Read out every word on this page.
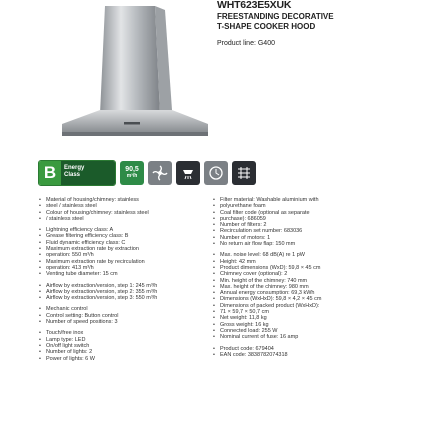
WHT623E5XUK
FREESTANDING DECORATIVE
T-SHAPE COOKER HOOD
Product line: G400
B	Energy
Class
90,5
m³/h
• Material of housing/chimney: stainless
• steel / stainless steel
• Colour of housing/chimney: stainless steel
• / stainless steel
• Lightning efficiency class: A
• Grease filtering efficiency class: B
• Fluid dynamic efficiency class: C
• Maximum extraction rate by extraction
• operation: 550 m³/h
• Maximum extraction rate by recirculation
• operation: 413 m³/h
• Venting tube diameter: 15 cm
• Airflow by extraction/version, step 1: 245 m³/h
• Airflow by extraction/version, step 2: 355 m³/h
• Airflow by extraction/version, step 3: 550 m³/h
• Mechanic control
• Control setting: Button control
• Number of speed positions: 3
• Touch/free inox
• Lamp type: LED
• On/off light switch
• Number of lights: 2
• Power of lights: 6 W
• Filter material: Washable aluminium with
• polyurethane foam
• Coal filter code (optional as separate
• purchase): 686059
• Number of filters: 2
• Recirculation set number: 683036
• Number of motors: 1
• No return air flow flap: 150 mm
• Max. noise level: 68 dB(A) re 1 pW
• Height: 42 mm
• Product dimensions (WxD): 59,8 × 45 cm
• Chimney cover (optional): 2
• Min. height of the chimney: 740 mm
• Max. height of the chimney: 980 mm
• Annual energy consumption: 69,3 kWh
• Dimensions (WxHxD): 59,8 × 4,2 × 45 cm
• Dimensions of packed product (WxHxD):
• 71 × 59,7 × 50,7 cm
• Net weight: 11,8 kg
• Gross weight: 16 kg
• Connected load: 255 W
• Nominal current of fuse: 16 amp
• Product code: 679404
• EAN code: 3838782074318
